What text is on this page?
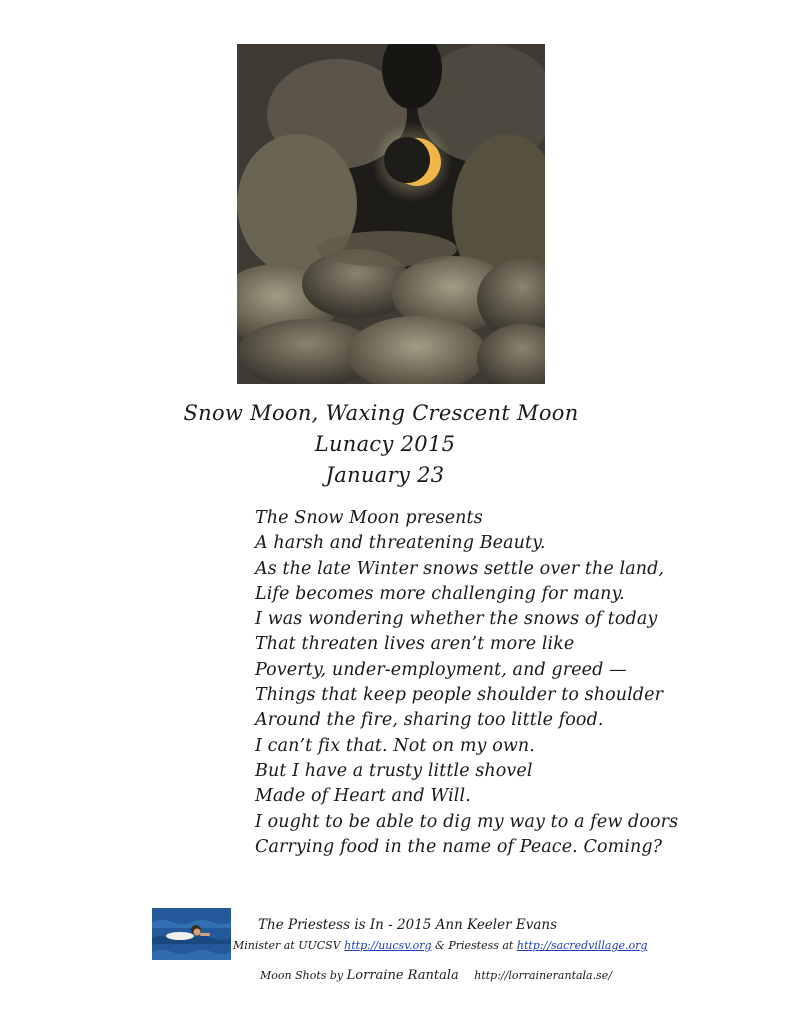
Snow Moon, Waxing Crescent Moon
Lunacy 2015
January 23
The Snow Moon presents
A harsh and threatening Beauty.
As the late Winter snows settle over the land,
Life becomes more challenging for many.
I was wondering whether the snows of today
That threaten lives aren’t more like
Poverty, under-employment, and greed —
Things that keep people shoulder to shoulder
Around the fire, sharing too little food.
I can’t fix that. Not on my own.
But I have a trusty little shovel
Made of Heart and Will.
I ought to be able to dig my way to a few doors
Carrying food in the name of Peace. Coming?
The Priestess is In - 2015 Ann Keeler Evans
Minister at UUCSV http://uucsv.org & Priestess at http://sacredvillage.org
Moon Shots by Lorraine Rantala http://lorrainerantala.se/
